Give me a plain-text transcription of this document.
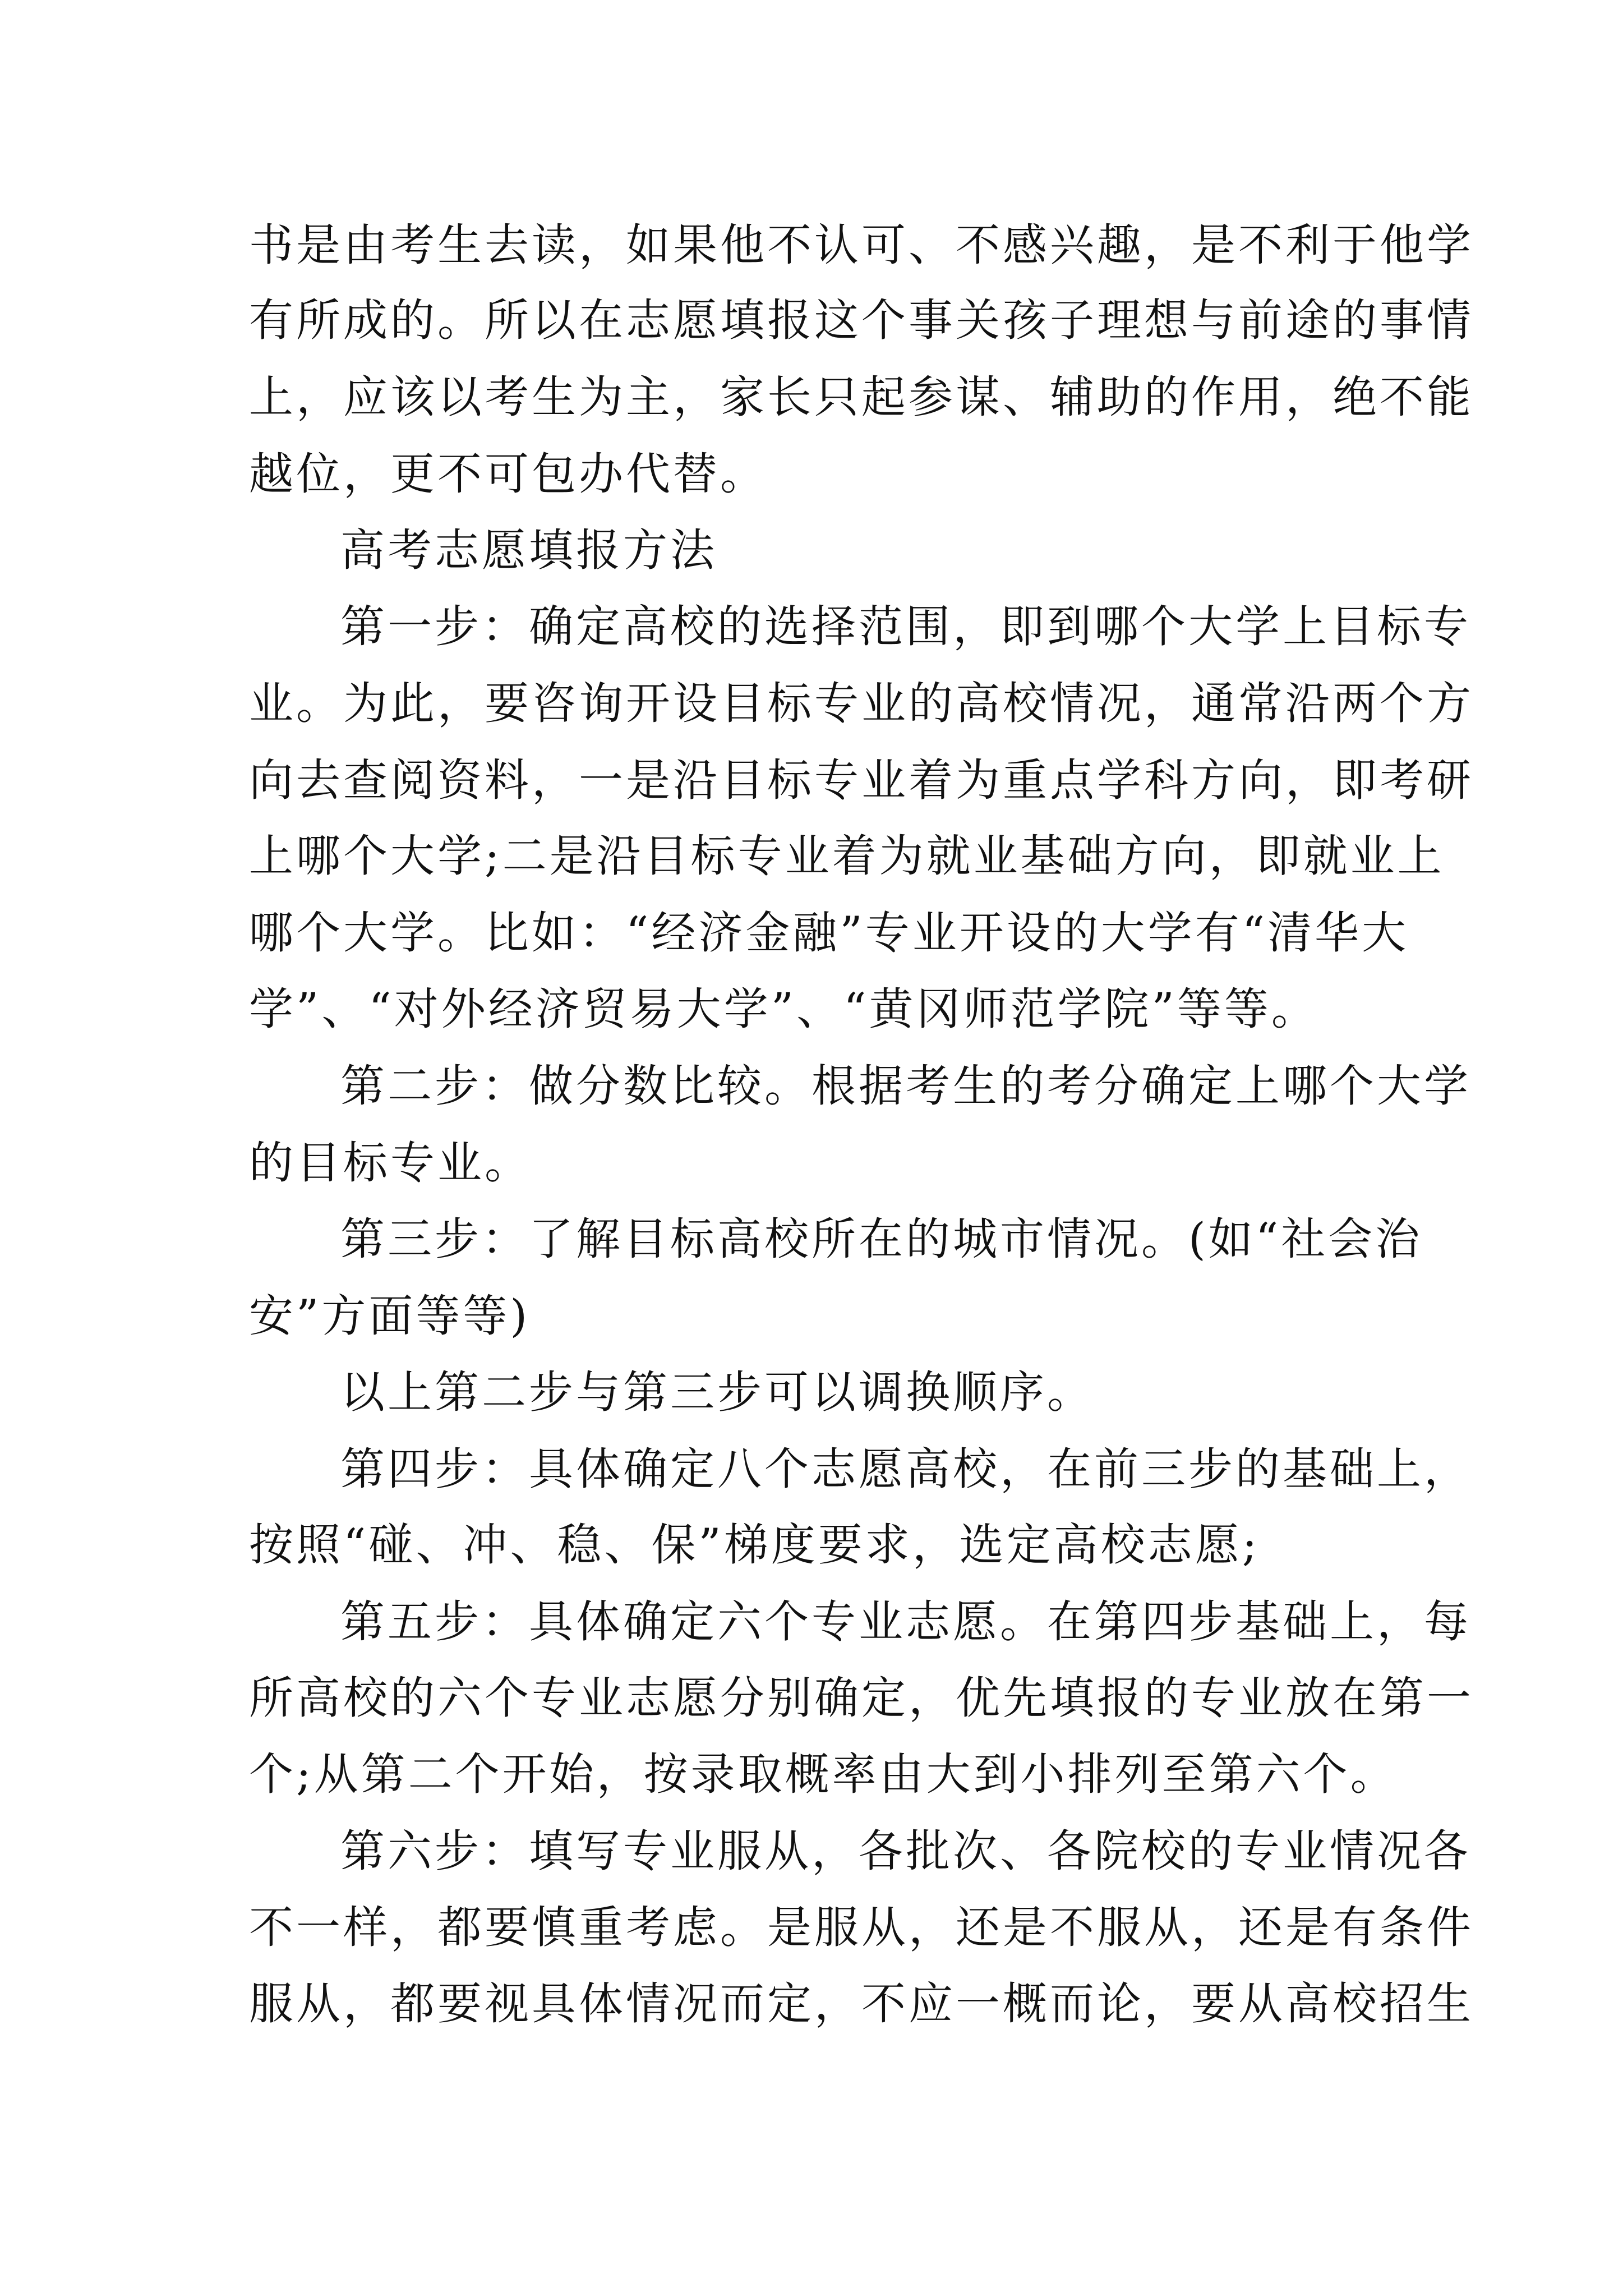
书是由考生去读，如果他不认可、不感兴趣，是不利于他学

有所成的。所以在志愿填报这个事关孩子理想与前途的事情

上，应该以考生为主，家长只起参谋、辅助的作用，绝不能

越位，更不可包办代替。

高考志愿填报方法

第一步：确定高校的选择范围，即到哪个大学上目标专

业。为此，要咨询开设目标专业的高校情况，通常沿两个方

向去查阅资料，一是沿目标专业着为重点学科方向，即考研

上哪个大学;二是沿目标专业着为就业基础方向，即就业上

哪个大学。比如：“经济金融”专业开设的大学有“清华大

学”、“对外经济贸易大学”、“黄冈师范学院”等等。

第二步：做分数比较。根据考生的考分确定上哪个大学

的目标专业。

第三步：了解目标高校所在的城市情况。(如“社会治

安”方面等等)

以上第二步与第三步可以调换顺序。

第四步：具体确定八个志愿高校，在前三步的基础上，

按照“碰、冲、稳、保”梯度要求，选定高校志愿;

第五步：具体确定六个专业志愿。在第四步基础上，每

所高校的六个专业志愿分别确定，优先填报的专业放在第一

个;从第二个开始，按录取概率由大到小排列至第六个。

第六步：填写专业服从，各批次、各院校的专业情况各

不一样，都要慎重考虑。是服从，还是不服从，还是有条件

服从，都要视具体情况而定，不应一概而论，要从高校招生
